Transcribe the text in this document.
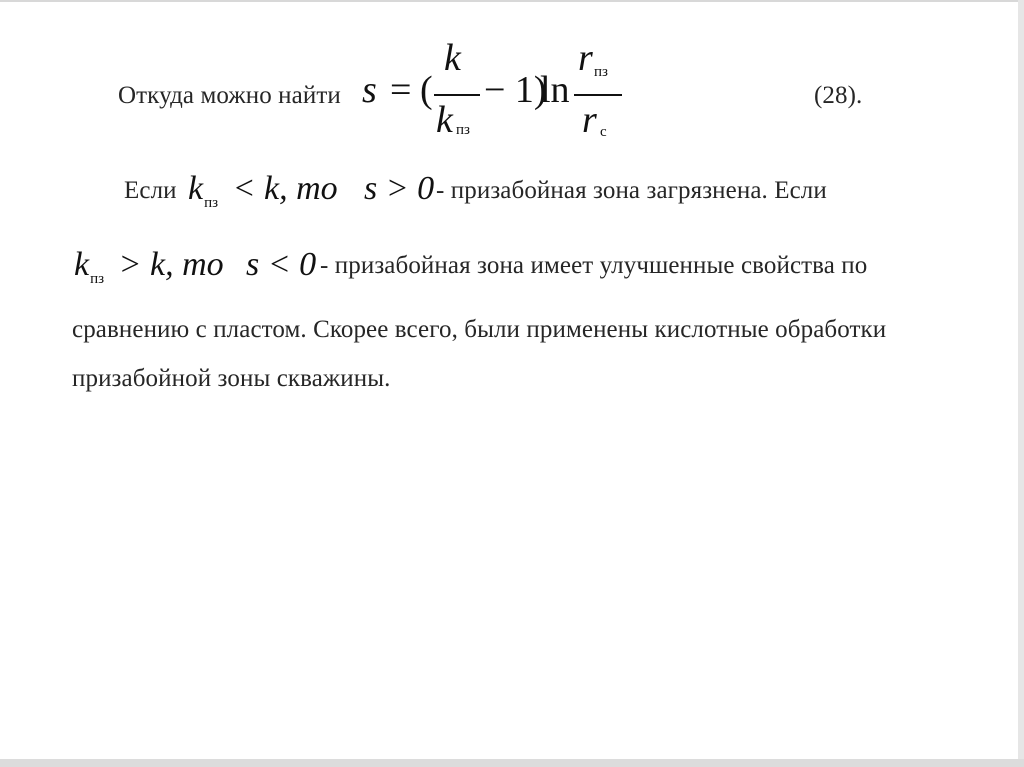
Откуда можно найти s = (
k
k пз
− 1)
ln
r пз
r с
(28).
Если $k_{пз} < k$, то s > 0 - призабойная зона загрязнена. Если
$k_{пз} > k$, то s < 0 - призабойная зона имеет улучшенные свойства по
сравнению с пластом. Скорее всего, были применены кислотные обработки
призабойной зоны скважины.
